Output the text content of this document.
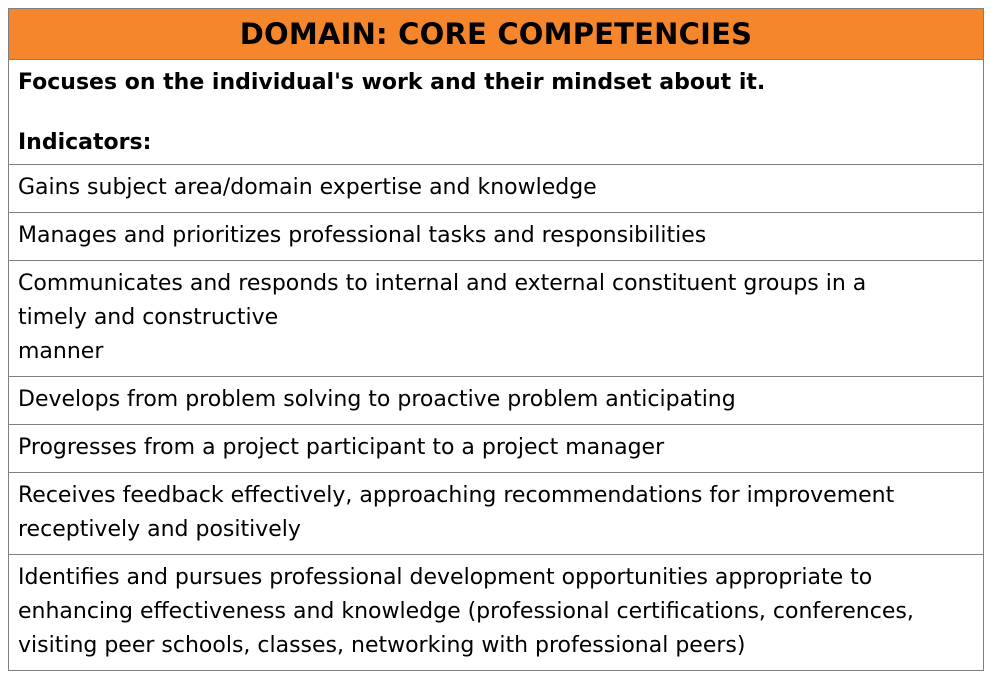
DOMAIN: CORE COMPETENCIES
Focuses on the individual's work and their mindset about it.
Indicators:
Gains subject area/domain expertise and knowledge
Manages and prioritizes professional tasks and responsibilities
Communicates and responds to internal and external constituent groups in a
timely and constructive
manner
Develops from problem solving to proactive problem anticipating
Progresses from a project participant to a project manager
Receives feedback effectively, approaching recommendations for improvement
receptively and positively
Identifies and pursues professional development opportunities appropriate to
enhancing effectiveness and knowledge (professional certifications, conferences,
visiting peer schools, classes, networking with professional peers)
